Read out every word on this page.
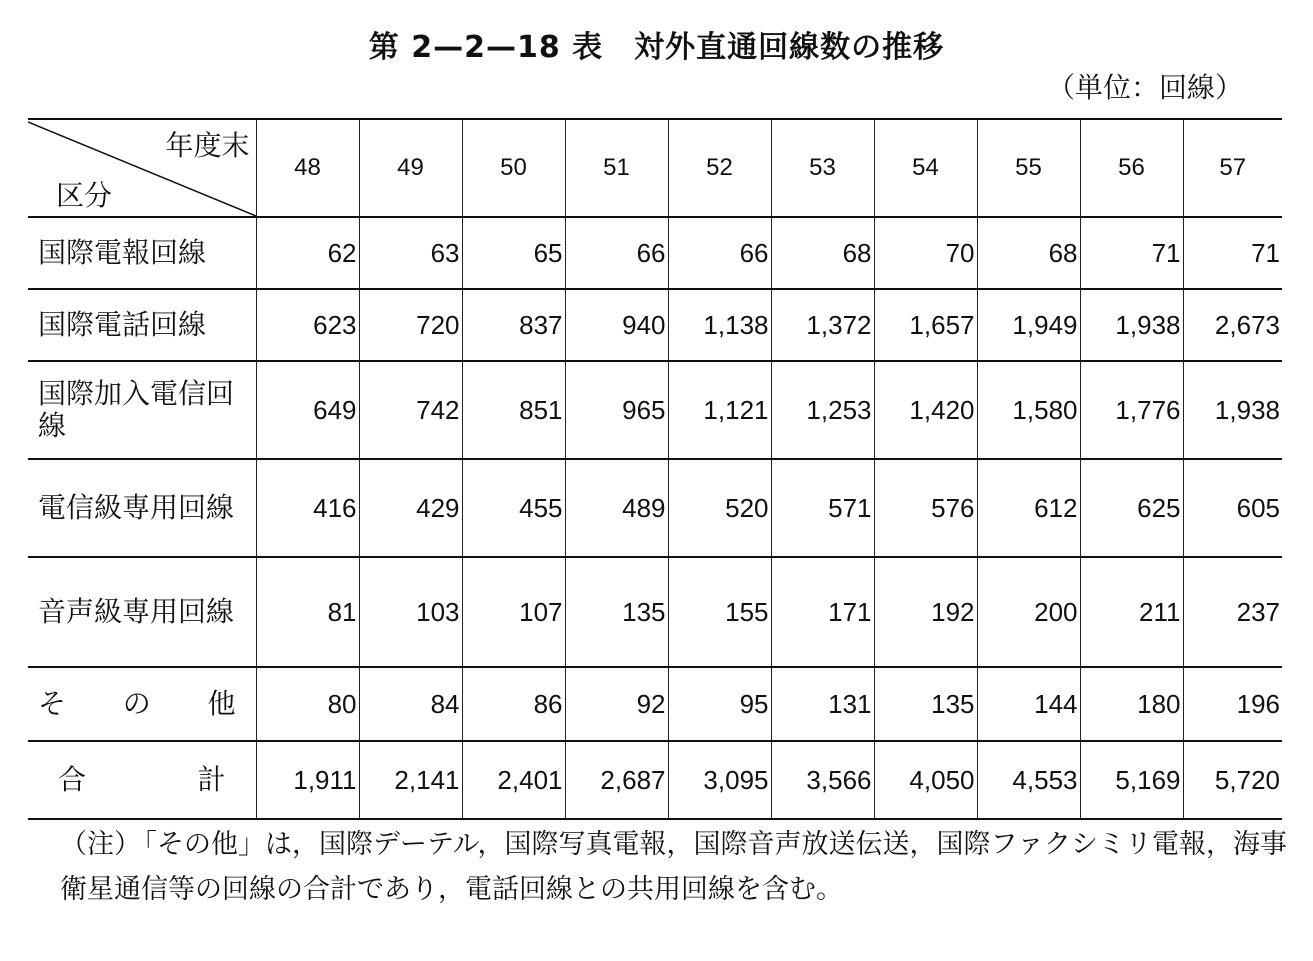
第 2—2—18 表　対外直通回線数の推移
（単位：回線）
年度末
区分	48	49	50	51	52	53	54	55	56	57
国際電報回線	62	63	65	66	66	68	70	68	71	71
国際電話回線	623	720	837	940	1,138	1,372	1,657	1,949	1,938	2,673
国際加入電信回線	649	742	851	965	1,121	1,253	1,420	1,580	1,776	1,938
電信級専用回線	416	429	455	489	520	571	576	612	625	605
音声級専用回線	81	103	107	135	155	171	192	200	211	237

そ の 他	80	84	86	92	95	131	135	144	180	196

合 計	1,911	2,141	2,401	2,687	3,095	3,566	4,050	4,553	5,169	5,720
（注）「その他」は，国際デーテル，国際写真電報，国際音声放送伝送，国際ファクシミリ電報，海事衛星通信等の回線の合計であり，電話回線との共用回線を含む。
